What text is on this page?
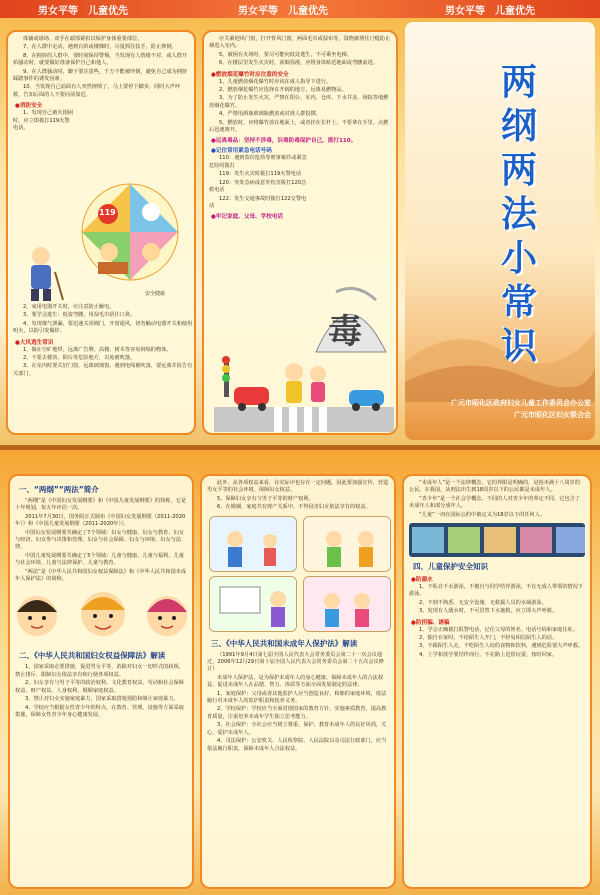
男女平等　儿童优先	男女平等　儿童优先	男女平等　儿童优先

体铺或球场、双手在頭部紧扣以保护身体重要部位。

7、在人群中走动，遇到台阶或楼梯时，尽量抓住扶手，防止摔倒。

8、在拥挤的人群中，要时刻保持警惕，当发现有人情绪不对，或人群开始骚动时，就要做好准备保护自己和他人。

9、在人群骚动时，脚下要注意些，千万不能被绊倒，避免自己成为拥挤踩踏事件的诱发因素。

10、当发现自己前面有人突然摔倒了，马上要停下脚步，同时大声呼救，告知后面的人不要向前靠近。

●消防安全

1、发现自己被火围困时，应立即拨打119火警电话。

119
安全健康

2、家用电器开关时，应注意防止触电。

3、要学会逃生：低姿弯腰，用湿毛巾捂住口鼻。

4、发现煤气泄漏，要迅速关闭阀门，开窗通风，切勿触动电器开关和使用明火，以防引发爆炸。

●大风逃生常识

1、躲在空旷地带，远离广告牌、高楼、树木等容易倒塌的物体。

2、不要去楼顶、阳台等危险地方，以免被吹落。

3、在室内时要关好门窗，远离玻璃窗。遇到电线被吹落，要远离并报告有关部门。

应关紧迎风门窗，打开背风门窗，两面毛巾或湿布等，湿物被堵住门缝防止烟进入室内。

5、被困在火场时，要尽可能向低处逃生，不可乘坐电梯。

6、在楼层里发生火灾时，浓烟弥漫，应将身体贴近地面或弯腰前进。

●燃放烟花爆竹时应注意的安全

1、儿童燃放烟花爆竹时应该在成人指导下进行。

2、燃放烟花爆竹应选择在开阔的地方，远离易燃物品。

3、为了防止发生火灾，严禁在阳台、室内、仓库、下水井盖、场院等地燃放烟花爆竹。

4、严禁用酒瓶玻璃瓶燃放或对准人群投掷。

5、燃放时，应将爆竹放在地面上，或者挂在长杆上，不要拿在手里，点燃后迅速离开。

●远离毒品：坚持不涉毒，识毒防毒保护自己，拨打110。

●记住常用紧急电话号码

110：遇到盗窃抢劫等刑事案件或紧急危险时拨打

119：发生火灾时拨打119火警电话

120：突发急病或意外伤害拨打120急救电话

122：发生交通事故时拨打122交警电话

●牢记家庭、父母、学校电话

毒
两
纲
两
法
小
常
识
广元市昭化区政府妇女儿童工作委员会办公室
广元市昭化区妇女联合会
一、“两纲”“两法”简介

“两纲”是《中国妇女发展纲要》和《中国儿童发展纲要》的简称，它是十年规划，每五年评估一次。

2011年7月30日，国务院正式颁布《中国妇女发展纲要（2011-2020年）》和《中国儿童发展纲要（2011-2020年）》。

中国妇女发展纲要共确定了7个领域：妇女与健康、妇女与教育、妇女与经济、妇女参与决策和管理、妇女与社会保障、妇女与环境、妇女与法律。

中国儿童发展纲要共确定了5个领域：儿童与健康、儿童与福利、儿童与社会环境、儿童与法律保护、儿童与教育。

“两法”是《中华人民共和国妇女权益保障法》和《中华人民共和国未成年人保护法》的简称。

二、《中华人民共和国妇女权益保障法》解读

1、国家采取必要措施，促进男女平等，消除对妇女一切形式的歧视，禁止排斥、限制妇女依法享有和行使各项权益。

2、妇女享有与男子平等的政治权利、文化教育权益、劳动和社会保障权益、财产权益、人身权利、婚姻家庭权益。

3、禁止对妇女实施家庭暴力，国家采取措施预防和制止家庭暴力。

4、学校应当根据女性青少年的特点，在教育、管理、设施等方面采取措施，保障女性青少年身心健康发展。

此外，从各项权益来看，在实际中也存在一定问题，因此要加强宣传，营造男女平等的社会环境，保障妇女权益。

5、保障妇女享有与男子平等的财产权利。

6、在婚姻、家庭共有财产关系中，不得侵害妇女依法享有的权益。

三、《中华人民共和国未成年人保护法》解读

（1991年9月4日第七届全国人民代表大会常务委员会第二十一次会议通过，2006年12月29日第十届全国人民代表大会常务委员会第二十五次会议修订）

未成年人保护法，是为保护未成年人的身心健康，保障未成年人的合法权益，促进未成年人在品德、智力、体质等方面全面发展制定的法律。

1、家庭保护：父母或者其他监护人应当创造良好、和睦的家庭环境，依法履行对未成年人的监护职责和抚养义务。

2、学校保护：学校应当全面贯彻国家的教育方针，实施素质教育，提高教育质量，注重培养未成年学生独立思考能力。

3、社会保护：全社会应当树立尊重、保护、教育未成年人的良好风尚，关心、爱护未成年人。

4、司法保护：公安机关、人民检察院、人民法院以及司法行政部门，应当依法履行职责，保障未成年人合法权益。

“未成年人”是一个法律概念，它的界限是明确的，是指未满十八周岁的公民。在我国，从刑法出生到18周岁以下的公民都是未成年人。

“青少年”是一个社会学概念，不同的人对青少年的界定不同，它包含了未成年人和部分成年人。

“儿童”一词在国际公约中被定义为18岁以下的任何人。

四、儿童保护安全知识

●防溺水

1、不私自下水游泳，不擅自与同学结伴游泳，不在无成人带领的情况下游泳。

2、不到不熟悉、无安全设施、无救援人员的水域游泳。

3、发现有人溺水时，不可冒然下水施救，应立即大声呼救。

●防拐骗、诱骗

1、学会正确拨打报警电话，记住父母的姓名、电话号码和家庭住址。

2、独自在家时，不给陌生人开门，不轻易相信陌生人的话。

3、不跟陌生人走，不吃陌生人给的食物和饮料，遇到危险要大声呼救。

4、上学和放学要结伴而行，不在路上逗留玩耍，按时回家。
